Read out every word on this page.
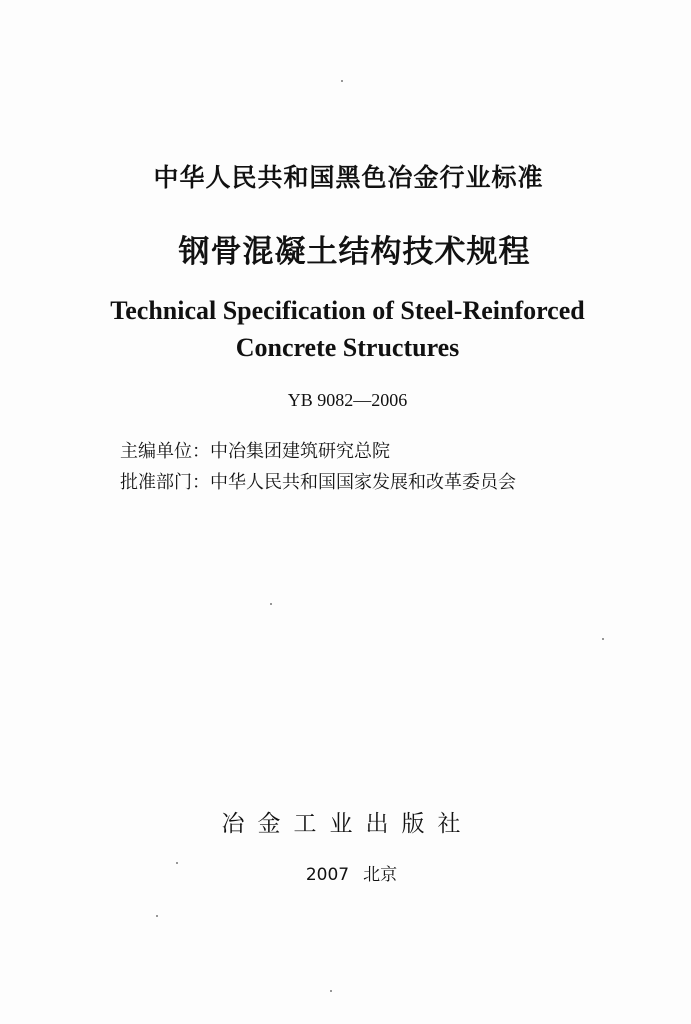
中华人民共和国黑色冶金行业标准
钢骨混凝土结构技术规程
Technical Specification of Steel-Reinforced
Concrete Structures
YB 9082—2006
主编单位：中冶集团建筑研究总院
批准部门：中华人民共和国国家发展和改革委员会
冶金工业出版社
2007 北京
